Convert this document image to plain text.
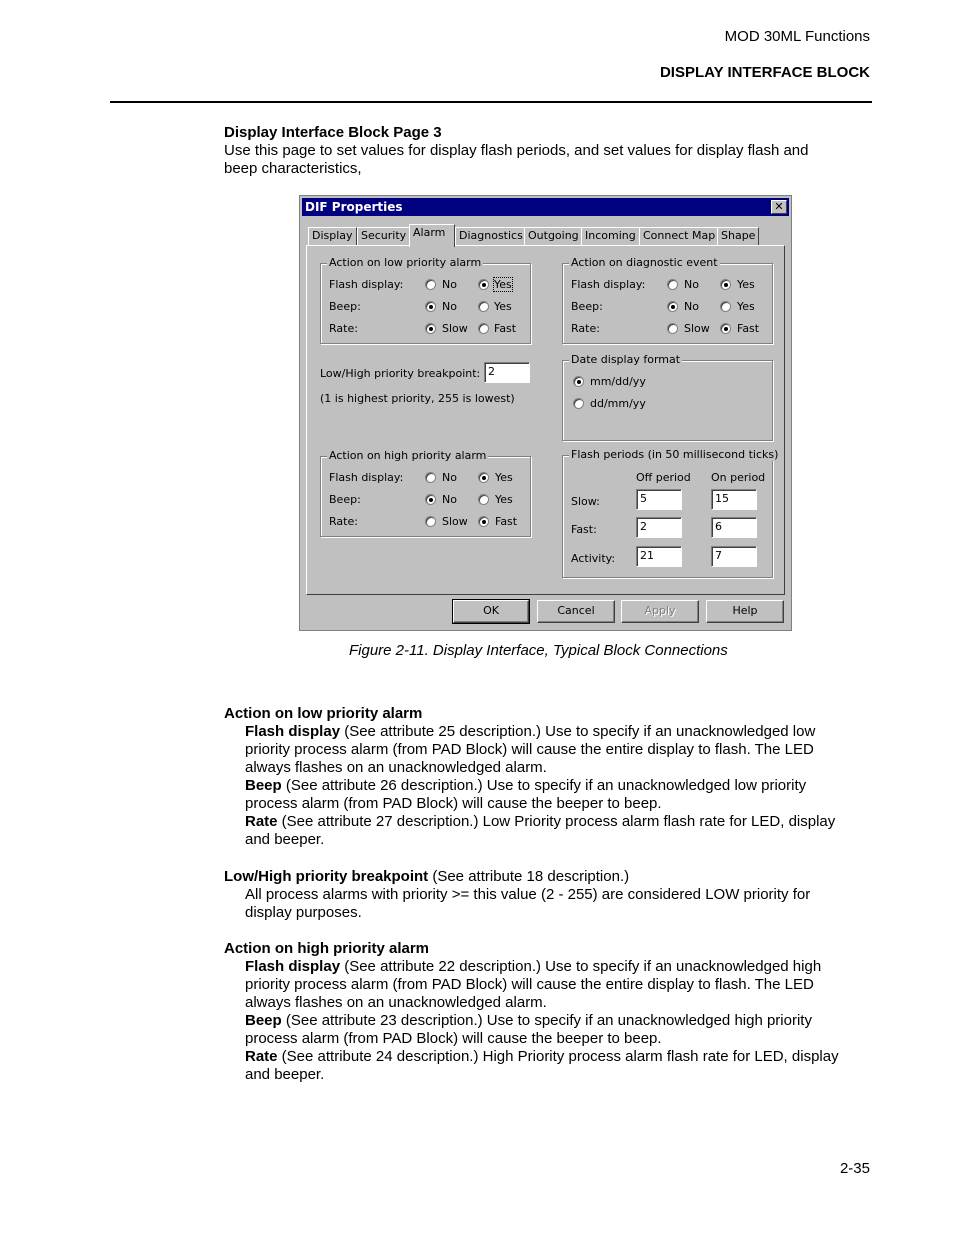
MOD 30ML Functions
DISPLAY INTERFACE BLOCK
Display Interface Block Page 3
Use this page to set values for display flash periods, and set values for display flash and
beep characteristics,
DIF Properties	✕
Display Security Alarm	Diagnostics Outgoing Incoming Connect Map Shape
Action on low priority alarm
Flash display:	No	Yes
Beep:	No	Yes
Rate:	Slow Fast
Action on diagnostic event
Flash display:	No	Yes
Beep:	No	Yes
Rate:	Slow Fast
Low/High priority breakpoint: 2
(1 is highest priority, 255 is lowest)
Date display format
mm/dd/yy
dd/mm/yy
Action on high priority alarm
Flash display:	No	Yes
Beep:	No	Yes
Rate:	Slow Fast
Flash periods (in 50 millisecond ticks)
Off period On period
Slow:	5	15
Fast:	2	6
Activity:	21	7
OK	Cancel	Apply	Help
Figure 2-11. Display Interface, Typical Block Connections
Action on low priority alarm
Flash display (See attribute 25 description.) Use to specify if an unacknowledged low
priority process alarm (from PAD Block) will cause the entire display to flash. The LED
always flashes on an unacknowledged alarm.
Beep (See attribute 26 description.) Use to specify if an unacknowledged low priority
process alarm (from PAD Block) will cause the beeper to beep.
Rate (See attribute 27 description.) Low Priority process alarm flash rate for LED, display
and beeper.
Low/High priority breakpoint (See attribute 18 description.)
All process alarms with priority >= this value (2 - 255) are considered LOW priority for
display purposes.
Action on high priority alarm
Flash display (See attribute 22 description.) Use to specify if an unacknowledged high
priority process alarm (from PAD Block) will cause the entire display to flash. The LED
always flashes on an unacknowledged alarm.
Beep (See attribute 23 description.) Use to specify if an unacknowledged high priority
process alarm (from PAD Block) will cause the beeper to beep.
Rate (See attribute 24 description.) High Priority process alarm flash rate for LED, display
and beeper.
2-35
